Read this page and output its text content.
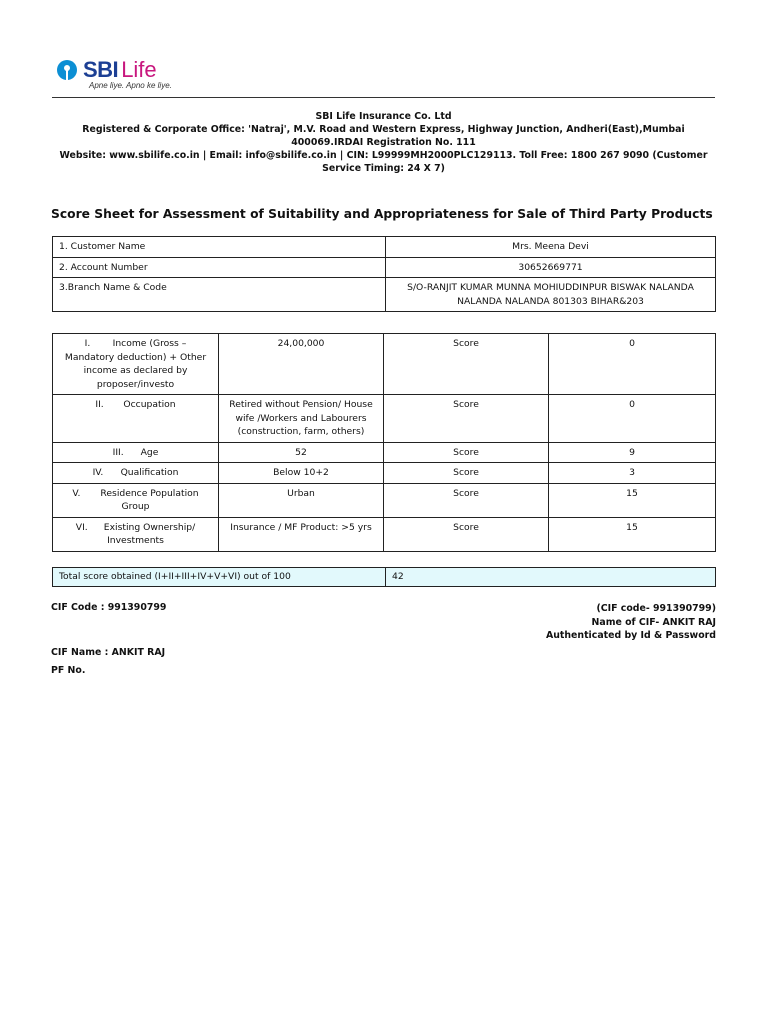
SBI Life
Apne liye. Apno ke liye.
SBI Life Insurance Co. Ltd
Registered & Corporate Office: 'Natraj', M.V. Road and Western Express, Highway Junction, Andheri(East),Mumbai 400069.IRDAI Registration No. 111
Website: www.sbilife.co.in | Email: info@sbilife.co.in | CIN: L99999MH2000PLC129113. Toll Free: 1800 267 9090 (Customer Service Timing: 24 X 7)
Score Sheet for Assessment of Suitability and Appropriateness for Sale of Third Party Products
1. Customer Name	Mrs. Meena Devi
2. Account Number	30652669771
3.Branch Name & Code	S/O-RANJIT KUMAR MUNNA MOHIUDDINPUR BISWAK NALANDA NALANDA NALANDA 801303 BIHAR&203
I. Income (Gross – Mandatory deduction) + Other income as declared by proposer/investo	24,00,000	Score	0
II. Occupation	Retired without Pension/ House wife /Workers and Labourers (construction, farm, others)	Score	0
III. Age	52	Score	9
IV. Qualification	Below 10+2	Score	3
V. Residence Population Group	Urban	Score	15
VI. Existing Ownership/ Investments	Insurance / MF Product: >5 yrs	Score	15
Total score obtained (I+II+III+IV+V+VI) out of 100	42
CIF Code : 991390799	(CIF code- 991390799)
Name of CIF- ANKIT RAJ
Authenticated by Id & Password
CIF Name : ANKIT RAJ
PF No.
